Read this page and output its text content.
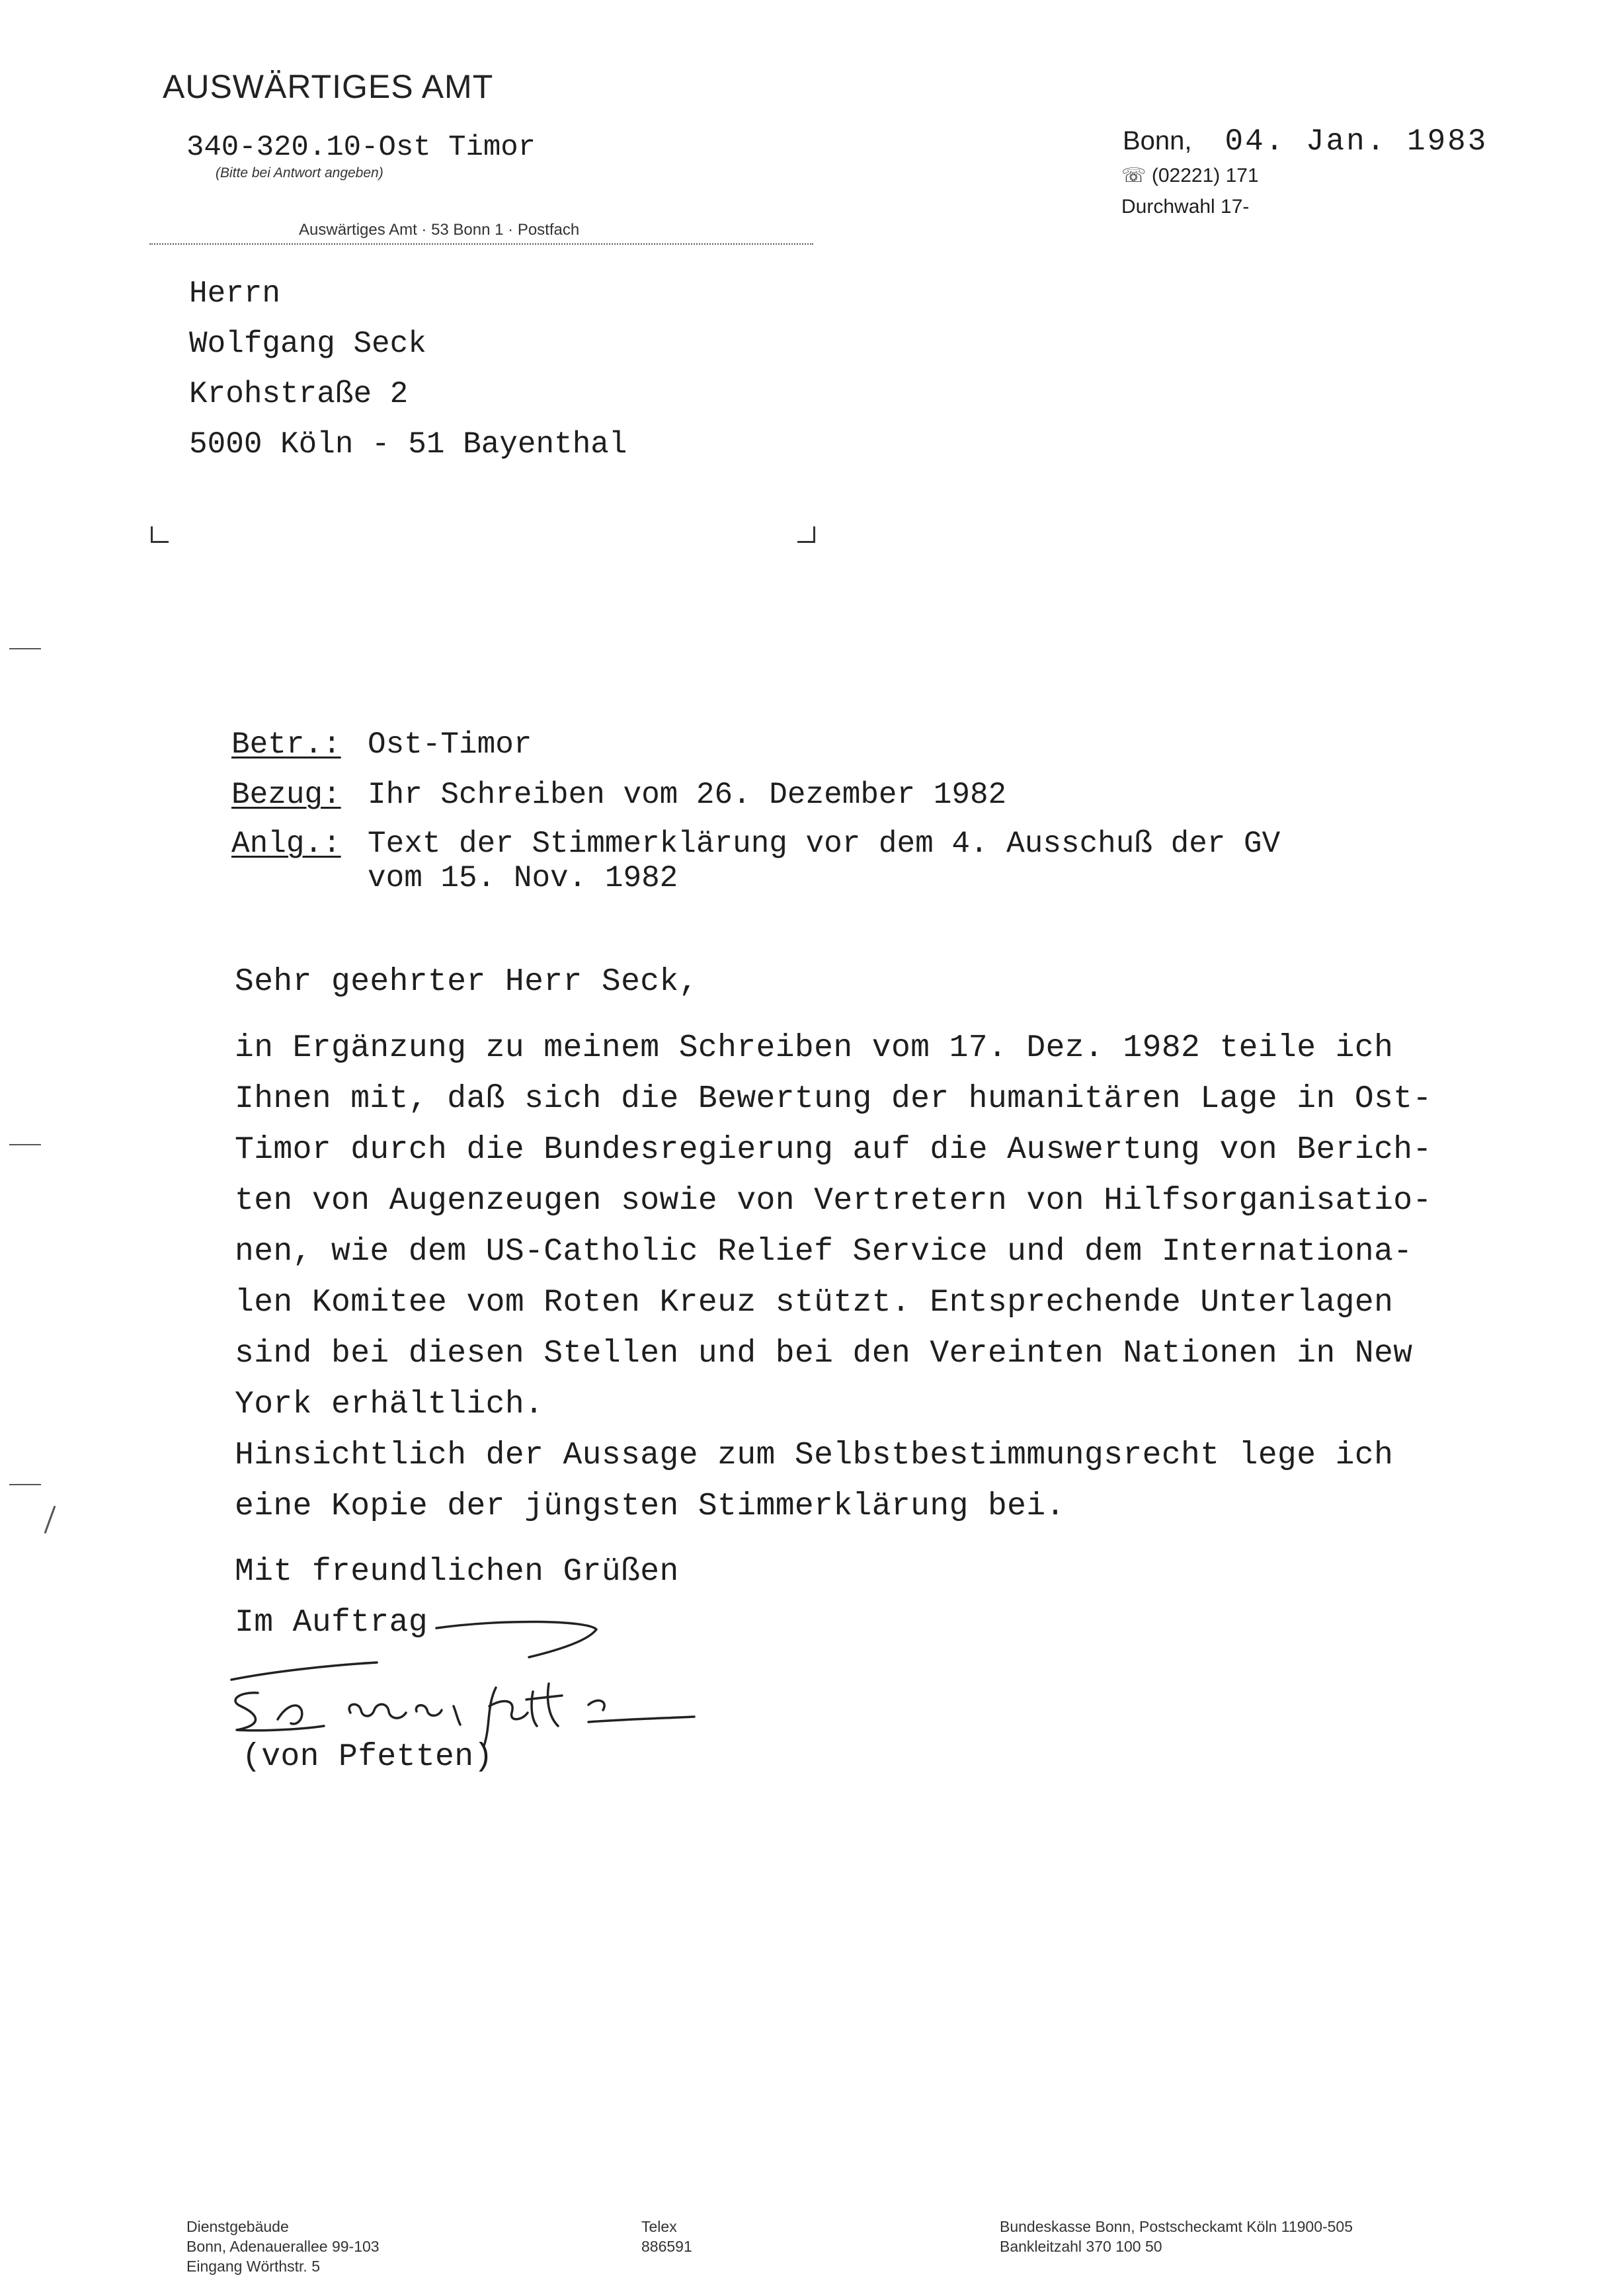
AUSWÄRTIGES AMT
340-320.10-Ost Timor
(Bitte bei Antwort angeben)
Auswärtiges Amt · 53 Bonn 1 · Postfach
Bonn, 04. Jan. 1983
☏ (02221) 171
Durchwahl 17-
Herrn
Wolfgang Seck
Krohstraße 2
5000 Köln - 51 Bayenthal
Betr.: Ost-Timor
Bezug: Ihr Schreiben vom 26. Dezember 1982
Anlg.: Text der Stimmerklärung vor dem 4. Ausschuß der GV
vom 15. Nov. 1982
Sehr geehrter Herr Seck,
in Ergänzung zu meinem Schreiben vom 17. Dez. 1982 teile ich
Ihnen mit, daß sich die Bewertung der humanitären Lage in Ost-
Timor durch die Bundesregierung auf die Auswertung von Berich-
ten von Augenzeugen sowie von Vertretern von Hilfsorganisatio-
nen, wie dem US-Catholic Relief Service und dem Internationa-
len Komitee vom Roten Kreuz stützt. Entsprechende Unterlagen
sind bei diesen Stellen und bei den Vereinten Nationen in New
York erhältlich.
Hinsichtlich der Aussage zum Selbstbestimmungsrecht lege ich
eine Kopie der jüngsten Stimmerklärung bei.
Mit freundlichen Grüßen
Im Auftrag
(von Pfetten)
Dienstgebäude
Bonn, Adenauerallee 99-103
Eingang Wörthstr. 5
Telex
886591
Bundeskasse Bonn, Postscheckamt Köln 11900-505
Bankleitzahl 370 100 50
